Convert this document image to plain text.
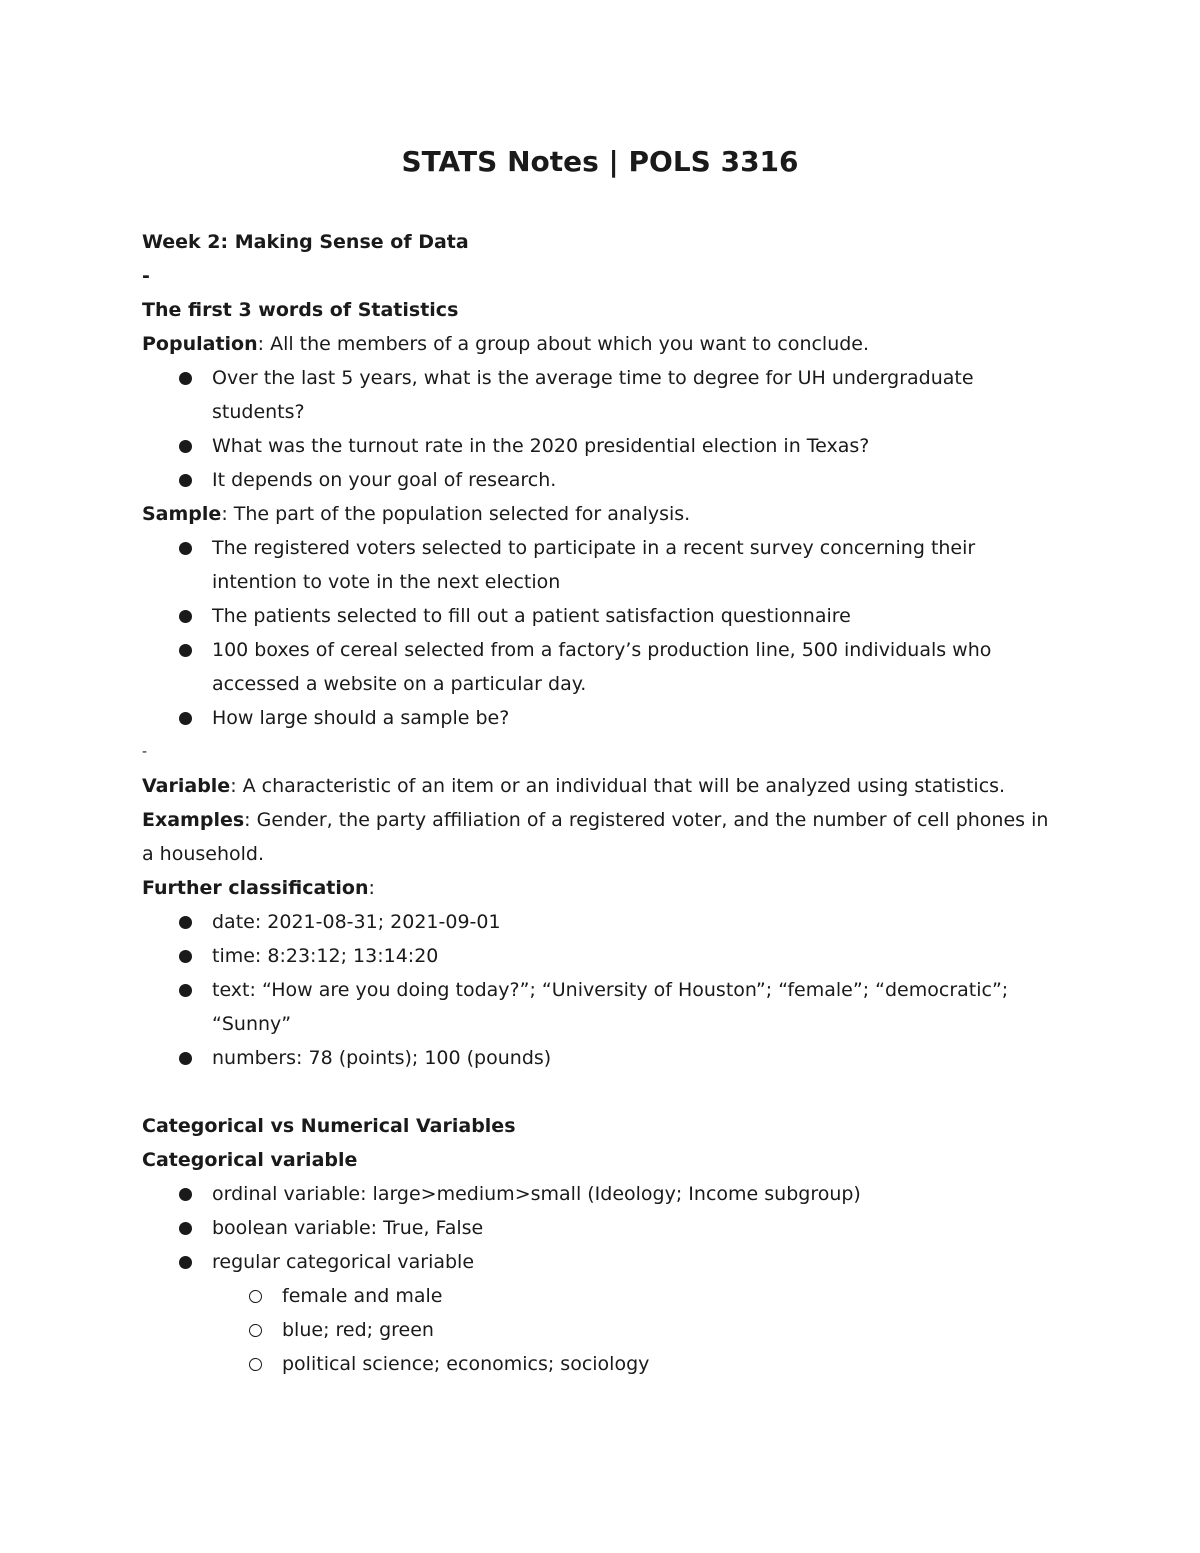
STATS Notes | POLS 3316

Week 2: Making Sense of Data

-

The first 3 words of Statistics

Population: All the members of a group about which you want to conclude.

Over the last 5 years, what is the average time to degree for UH undergraduate students?
What was the turnout rate in the 2020 presidential election in Texas?
It depends on your goal of research.

Sample: The part of the population selected for analysis.

The registered voters selected to participate in a recent survey concerning their intention to vote in the next election
The patients selected to fill out a patient satisfaction questionnaire
100 boxes of cereal selected from a factory’s production line, 500 individuals who accessed a website on a particular day.
How large should a sample be?

-

Variable: A characteristic of an item or an individual that will be analyzed using statistics.

Examples: Gender, the party affiliation of a registered voter, and the number of cell phones in a household.

Further classification:

date: 2021-08-31; 2021-09-01
time: 8:23:12; 13:14:20
text: “How are you doing today?”; “University of Houston”; “female”; “democratic”; “Sunny”
numbers: 78 (points); 100 (pounds)

Categorical vs Numerical Variables

Categorical variable

ordinal variable: large>medium>small (Ideology; Income subgroup)
boolean variable: True, False
regular categorical variable
female and male
blue; red; green
political science; economics; sociology
